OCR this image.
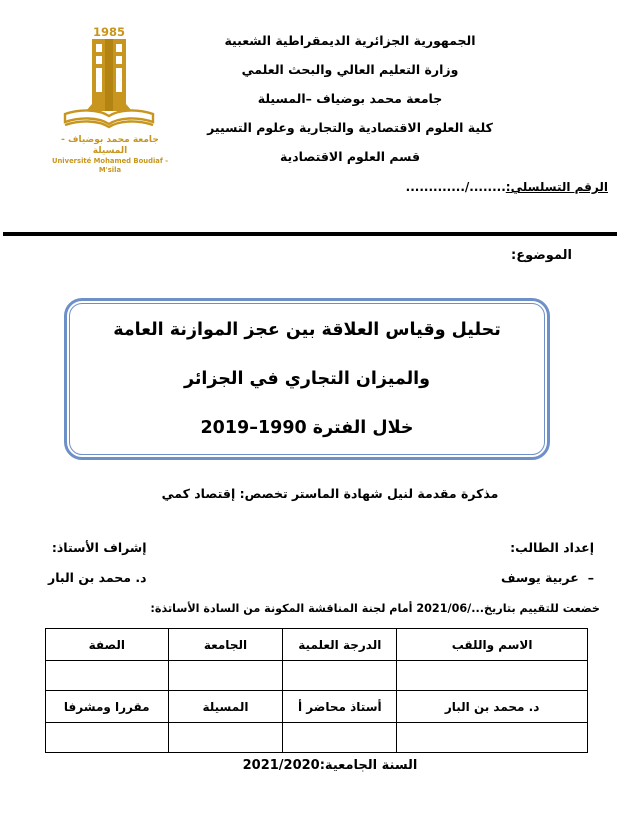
1985
جامعة محمد بوضياف - المسيلة
Université Mohamed Boudiaf - M'sila
الجمهورية الجزائرية الديمقراطية الشعبية
وزارة التعليم العالي والبحث العلمي
جامعة محمد بوضياف –المسيلة
كلية العلوم الاقتصادية والتجارية وعلوم التسيير
قسم العلوم الاقتصادية
الرقم التسلسلي:......../.............
الموضوع:
تحليل وقياس العلاقة بين عجز الموازنة العامة
والميزان التجاري في الجزائر
خلال الفترة 1990–2019
مذكرة مقدمة لنيل شهادة الماستر تخصص: إقتصاد كمي
إعداد الطالب:
–عربية يوسف
إشراف الأستاذ:
د. محمد بن البار
خضعت للتقييم بتاريخ.../2021/06 أمام لجنة المناقشة المكونة من السادة الأساتذة:
الاسم واللقب	الدرجة العلمية	الجامعة	الصفة

د. محمد بن البار	أستاذ محاضر أ	المسيلة	مقررا ومشرفا

السنة الجامعية:2021/2020
